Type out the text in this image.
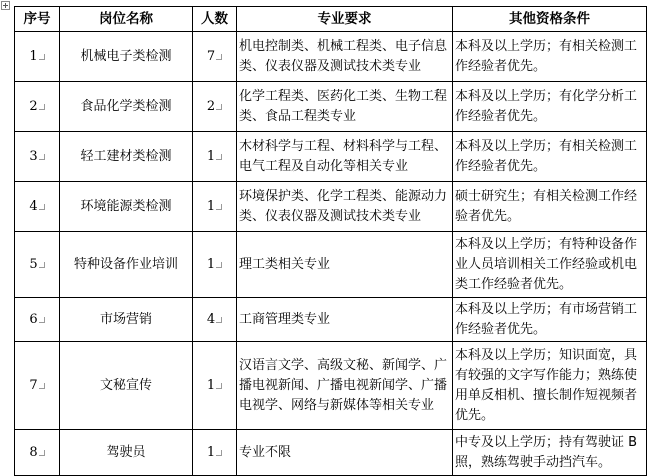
序号	岗位名称	人数	专业要求	其他资格条件
1	机械电子类检测	7	机电控制类、机械工程类、电子信息类、仪表仪器及测试技术类专业	本科及以上学历；有相关检测工作经验者优先。
2	食品化学类检测	2	化学工程类、医药化工类、生物工程类、食品工程类专业	本科及以上学历；有化学分析工作经验者优先。
3	轻工建材类检测	1	木材科学与工程、材料科学与工程、电气工程及自动化等相关专业	本科及以上学历；有相关检测工作经验者优先。
4	环境能源类检测	1	环境保护类、化学工程类、能源动力类、仪表仪器及测试技术类专业	硕士研究生；有相关检测工作经验者优先。
5	特种设备作业培训	1	理工类相关专业	本科及以上学历；有特种设备作业人员培训相关工作经验或机电类工作经验者优先。
6	市场营销	4	工商管理类专业	本科及以上学历；有市场营销工作经验者优先。
7	文秘宣传	1	汉语言文学、高级文秘、新闻学、广播电视新闻、广播电视新闻学、广播电视学、网络与新媒体等相关专业	本科及以上学历；知识面宽，具有较强的文字写作能力；熟练使用单反相机、擅长制作短视频者优先。
8	驾驶员	1	专业不限	中专及以上学历；持有驾驶证 B 照，熟练驾驶手动挡汽车。
